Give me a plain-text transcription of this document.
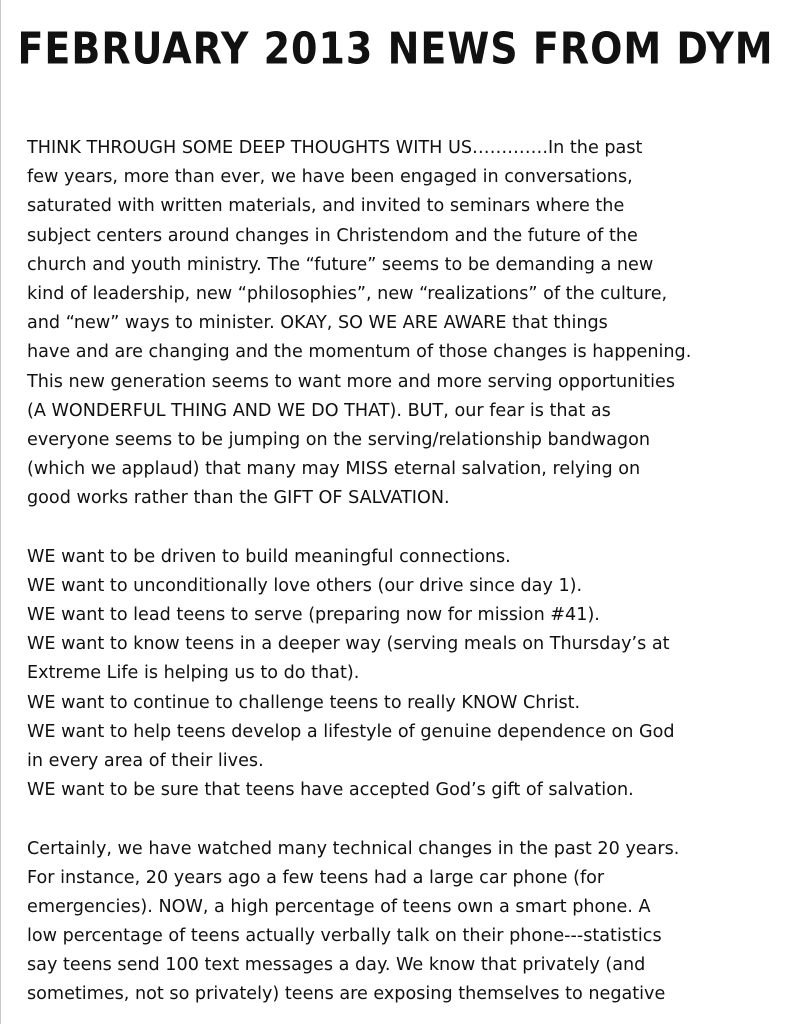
FEBRUARY 2013 NEWS FROM DYM
THINK THROUGH SOME DEEP THOUGHTS WITH US………….In the past
few years, more than ever, we have been engaged in conversations,
saturated with written materials, and invited to seminars where the
subject centers around changes in Christendom and the future of the
church and youth ministry. The “future” seems to be demanding a new
kind of leadership, new “philosophies”, new “realizations” of the culture,
and “new” ways to minister. OKAY, SO WE ARE AWARE that things
have and are changing and the momentum of those changes is happening.
This new generation seems to want more and more serving opportunities
(A WONDERFUL THING AND WE DO THAT). BUT, our fear is that as
everyone seems to be jumping on the serving/relationship bandwagon
(which we applaud) that many may MISS eternal salvation, relying on
good works rather than the GIFT OF SALVATION.
WE want to be driven to build meaningful connections.
WE want to unconditionally love others (our drive since day 1).
WE want to lead teens to serve (preparing now for mission #41).
WE want to know teens in a deeper way (serving meals on Thursday’s at
Extreme Life is helping us to do that).
WE want to continue to challenge teens to really KNOW Christ.
WE want to help teens develop a lifestyle of genuine dependence on God
in every area of their lives.
WE want to be sure that teens have accepted God’s gift of salvation.
Certainly, we have watched many technical changes in the past 20 years.
For instance, 20 years ago a few teens had a large car phone (for
emergencies). NOW, a high percentage of teens own a smart phone. A
low percentage of teens actually verbally talk on their phone---statistics
say teens send 100 text messages a day. We know that privately (and
sometimes, not so privately) teens are exposing themselves to negative
